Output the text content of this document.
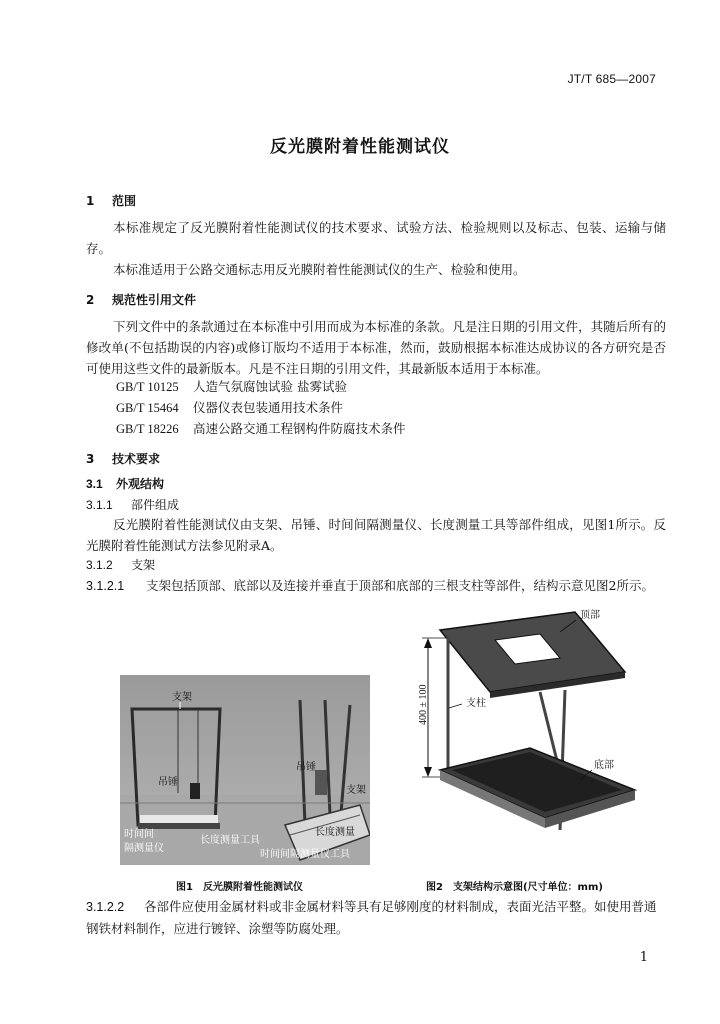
JT/T 685—2007
反光膜附着性能测试仪
1 范围
本标准规定了反光膜附着性能测试仪的技术要求、试验方法、检验规则以及标志、包装、运输与储存。
本标准适用于公路交通标志用反光膜附着性能测试仪的生产、检验和使用。
2 规范性引用文件
下列文件中的条款通过在本标准中引用而成为本标准的条款。凡是注日期的引用文件，其随后所有的修改单(不包括勘误的内容)或修订版均不适用于本标准，然而，鼓励根据本标准达成协议的各方研究是否可使用这些文件的最新版本。凡是不注日期的引用文件，其最新版本适用于本标准。
GB/T 10125 人造气氛腐蚀试验 盐雾试验
GB/T 15464 仪器仪表包装通用技术条件
GB/T 18226 高速公路交通工程钢构件防腐技术条件
3 技术要求
3.1 外观结构
3.1.1 部件组成
反光膜附着性能测试仪由支架、吊锤、时间间隔测量仪、长度测量工具等部件组成，见图1所示。反光膜附着性能测试方法参见附录A。
3.1.2 支架
3.1.2.1 支架包括顶部、底部以及连接并垂直于顶部和底部的三根支柱等部件，结构示意见图2所示。
支架
吊锤
吊锤
支架
时间间
隔测量仪
长度测量工具
长度测量
时间间隔测量仪工具
400 ± 100
顶部
支柱
底部
图1　反光膜附着性能测试仪	图2　支架结构示意图(尺寸单位：mm)
3.1.2.2 各部件应使用金属材料或非金属材料等具有足够刚度的材料制成，表面光洁平整。如使用普通钢铁材料制作，应进行镀锌、涂塑等防腐处理。
1
